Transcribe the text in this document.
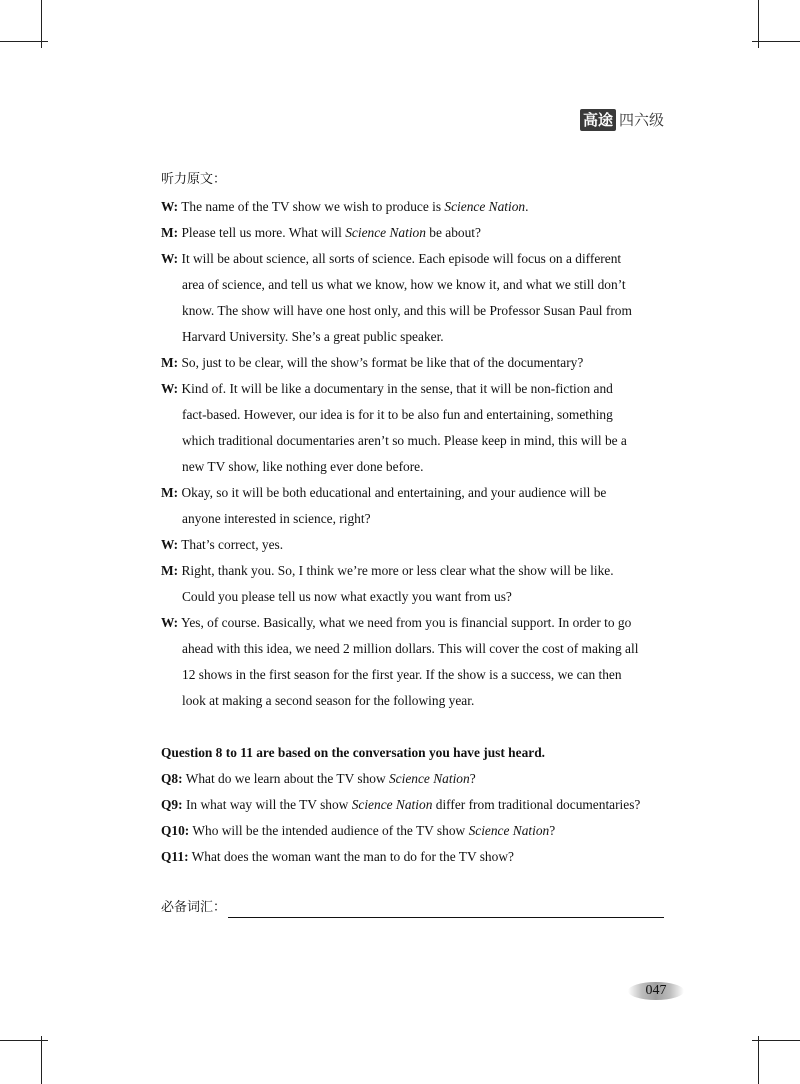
高途 四六级
听力原文：
W: The name of the TV show we wish to produce is Science Nation.
M: Please tell us more. What will Science Nation be about?
W: It will be about science, all sorts of science. Each episode will focus on a different
area of science, and tell us what we know, how we know it, and what we still don’t
know. The show will have one host only, and this will be Professor Susan Paul from
Harvard University. She’s a great public speaker.
M: So, just to be clear, will the show’s format be like that of the documentary?
W: Kind of. It will be like a documentary in the sense, that it will be non-fiction and
fact-based. However, our idea is for it to be also fun and entertaining, something
which traditional documentaries aren’t so much. Please keep in mind, this will be a
new TV show, like nothing ever done before.
M: Okay, so it will be both educational and entertaining, and your audience will be
anyone interested in science, right?
W: That’s correct, yes.
M: Right, thank you. So, I think we’re more or less clear what the show will be like.
Could you please tell us now what exactly you want from us?
W: Yes, of course. Basically, what we need from you is financial support. In order to go
ahead with this idea, we need 2 million dollars. This will cover the cost of making all
12 shows in the first season for the first year. If the show is a success, we can then
look at making a second season for the following year.
Question 8 to 11 are based on the conversation you have just heard.
Q8: What do we learn about the TV show Science Nation?
Q9: In what way will the TV show Science Nation differ from traditional documentaries?
Q10: Who will be the intended audience of the TV show Science Nation?
Q11: What does the woman want the man to do for the TV show?
必备词汇：
047
